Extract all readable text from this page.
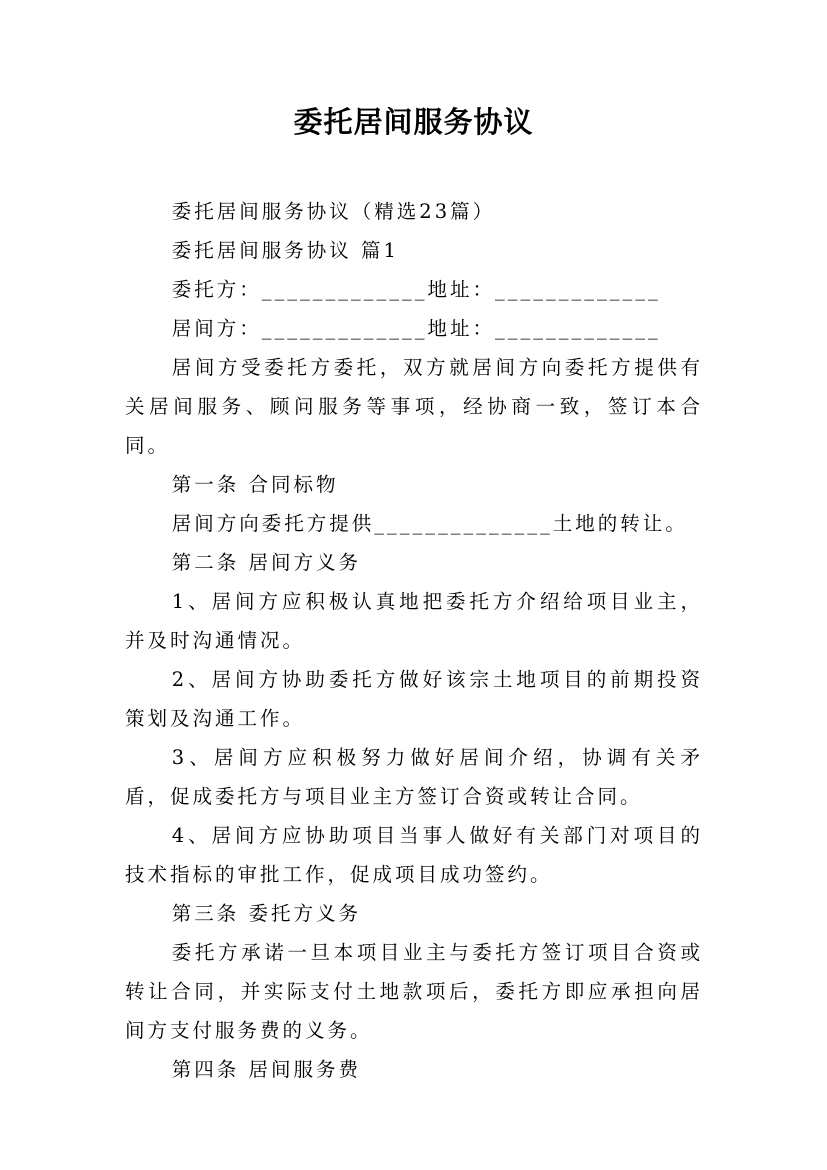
委托居间服务协议

委托居间服务协议（精选23篇）

委托居间服务协议 篇1

委托方：_____________地址：_____________

居间方：_____________地址：_____________

居间方受委托方委托，双方就居间方向委托方提供有关居间服务、顾问服务等事项，经协商一致，签订本合同。

第一条 合同标物

居间方向委托方提供______________土地的转让。

第二条 居间方义务

1、居间方应积极认真地把委托方介绍给项目业主，并及时沟通情况。

2、居间方协助委托方做好该宗土地项目的前期投资策划及沟通工作。

3、居间方应积极努力做好居间介绍，协调有关矛盾，促成委托方与项目业主方签订合资或转让合同。

4、居间方应协助项目当事人做好有关部门对项目的技术指标的审批工作，促成项目成功签约。

第三条 委托方义务

委托方承诺一旦本项目业主与委托方签订项目合资或转让合同，并实际支付土地款项后，委托方即应承担向居间方支付服务费的义务。

第四条 居间服务费
